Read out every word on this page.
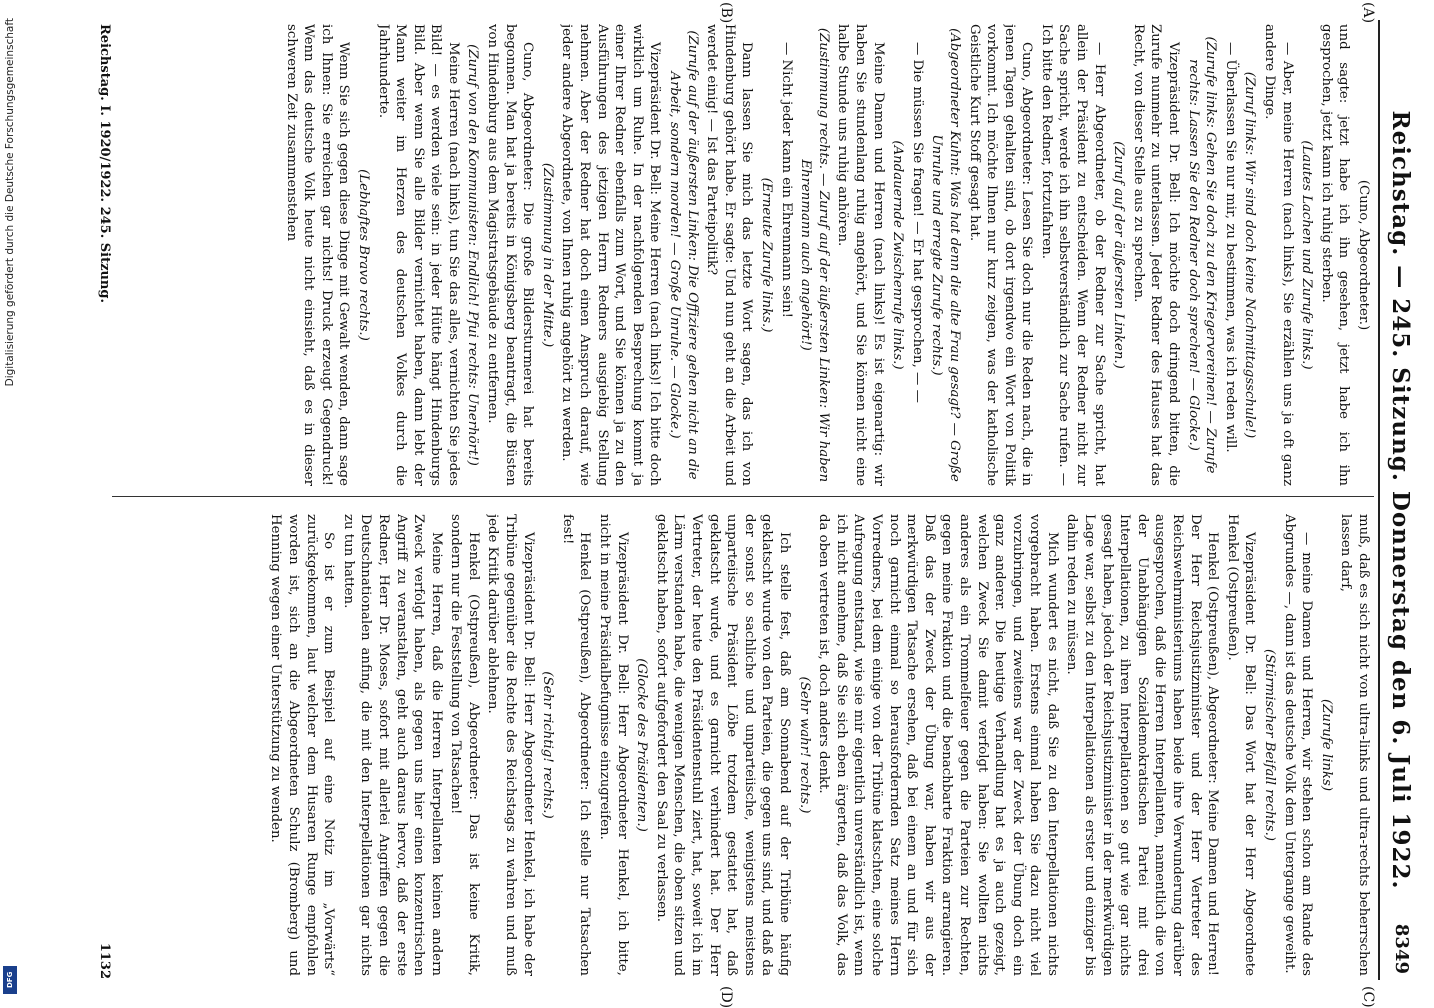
Digitalisierung gefördert durch die Deutsche Forschungsgemeinschaft
DFG
Reichstag. — 245. Sitzung. Donnerstag den 6. Juli 1922.
8349
(A)
(B)
(C)
(D)

(Cuno, Abgeordneter.)

und sagte: jetzt habe ich ihn gesehen, jetzt habe ich ihn gesprochen, jetzt kann ich ruhig sterben.

(Lautes Lachen und Zurufe links.)

— Aber, meine Herren (nach links), Sie erzählen uns ja oft ganz andere Dinge.

(Zuruf links: Wir sind doch keine Nachmittagsschule!)

— Überlassen Sie nur mir, zu bestimmen, was ich reden will.

(Zurufe links: Gehen Sie doch zu den Kriegervereinen! — Zurufe rechts: Lassen Sie den Redner doch sprechen! — Glocke.)

Vizepräsident Dr. Bell: Ich möchte doch dringend bitten, die Zurufe nunmehr zu unterlassen. Jeder Redner des Hauses hat das Recht, von dieser Stelle aus zu sprechen.

(Zuruf auf der äußersten Linken.)

— Herr Abgeordneter, ob der Redner zur Sache spricht, hat allein der Präsident zu entscheiden. Wenn der Redner nicht zur Sache spricht, werde ich ihn selbstverständlich zur Sache rufen. — Ich bitte den Redner, fortzufahren.

Cuno, Abgeordneter: Lesen Sie doch nur die Reden nach, die in jenen Tagen gehalten sind, ob dort irgendwo ein Wort von Politik vorkommt. Ich möchte Ihnen nur kurz zeigen, was der katholische Geistliche Kurt Stoff gesagt hat.

(Abgeordneter Kuhnt: Was hat denn die alte Frau gesagt? — Große Unruhe und erregte Zurufe rechts.)

— Die müssen Sie fragen! — Er hat gesprochen, — —

(Andauernde Zwischenrufe links.)

Meine Damen und Herren (nach links)! Es ist eigenartig: wir haben Sie stundenlang ruhig angehört, und Sie können nicht eine halbe Stunde uns ruhig anhören.

(Zustimmung rechts. — Zuruf auf der äußersten Linken: Wir haben Ehrenmann auch angehört!)

— Nicht jeder kann ein Ehrenmann sein!

(Erneute Zurufe links.)

Dann lassen Sie mich das letzte Wort sagen, das ich von Hindenburg gehört habe. Er sagte: Und nun geht an die Arbeit und werdet einig! — Ist das Parteipolitik?

(Zurufe auf der äußersten Linken: Die Offiziere gehen nicht an die Arbeit, sondern morden! — Große Unruhe. — Glocke.)

Vizepräsident Dr. Bell: Meine Herren (nach links)! Ich bitte doch wirklich um Ruhe. In der nachfolgenden Besprechung kommt ja einer Ihrer Redner ebenfalls zum Wort, und Sie können ja zu den Ausführungen des jetzigen Herrn Redners ausgiebig Stellung nehmen. Aber der Redner hat doch einen Anspruch darauf, wie jeder andere Abgeordnete, von Ihnen ruhig angehört zu werden.

(Zustimmung in der Mitte.)

Cuno, Abgeordneter: Die große Bildersturmerei hat bereits begonnen. Man hat ja bereits in Königsberg beantragt, die Büsten von Hindenburg aus dem Magistratsgebäude zu entfernen.

(Zuruf von den Kommunisten: Endlich! Pfui rechts: Unerhört!)

Meine Herren (nach links), tun Sie das alles, vernichten Sie jedes Bild! — es werden viele sein: in jeder Hütte hängt Hindenburgs Bild. Aber wenn Sie alle Bilder vernichtet haben, dann lebt der Mann weiter im Herzen des deutschen Volkes durch die Jahrhunderte.

(Lebhaftes Bravo rechts.)

Wenn Sie sich gegen diese Dinge mit Gewalt wenden, dann sage ich Ihnen: Sie erreichen gar nichts! Druck erzeugt Gegendruck! Wenn das deutsche Volk heute nicht einsieht, daß es in dieser schweren Zeit zusammenstehen

muß, daß es sich nicht von ultra-links und ultra-rechts beherrschen lassen darf,

(Zurufe links)

— meine Damen und Herren, wir stehen schon am Rande des Abgrundes —, dann ist das deutsche Volk dem Untergange geweiht.

(Stürmischer Beifall rechts.)

Vizepräsident Dr. Bell: Das Wort hat der Herr Abgeordnete Henkel (Ostpreußen).

Henkel (Ostpreußen), Abgeordneter: Meine Damen und Herren! Der Herr Reichsjustizminister und der Herr Vertreter des Reichswehrministeriums haben beide ihre Verwunderung darüber ausgesprochen, daß die Herren Interpellanten, namentlich die von der Unabhängigen Sozialdemokratischen Partei mit drei Interpellationen, zu ihren Interpellationen so gut wie gar nichts gesagt haben, jedoch der Reichsjustizminister in der merkwürdigen Lage war, selbst zu den Interpellationen als erster und einziger bis dahin reden zu müssen.

Mich wundert es nicht, daß Sie zu den Interpellationen nichts vorgebracht haben. Erstens einmal haben Sie dazu nicht viel vorzubringen, und zweitens war der Zweck der Übung doch ein ganz anderer. Die heutige Verhandlung hat es ja auch gezeigt, welchen Zweck Sie damit verfolgt haben: Sie wollten nichts anderes als ein Trommelfeuer gegen die Parteien zur Rechten, gegen meine Fraktion und die benachbarte Fraktion arrangieren. Daß das der Zweck der Übung war, haben wir aus der merkwürdigen Tatsache ersehen, daß bei einem an und für sich noch garnicht einmal so herausfordernden Satz meines Herrn Vorredners, bei dem einige von der Tribüne klatschten, eine solche Aufregung entstand, wie sie mir eigentlich unverständlich ist, wenn ich nicht annehme, daß Sie sich eben ärgerten, daß das Volk, das da oben vertreten ist, doch anders denkt.

(Sehr wahr! rechts.)

Ich stelle fest, daß am Sonnabend auf der Tribüne häufig geklatscht wurde von den Parteien, die gegen uns sind, und daß da der sonst so sachliche und unparteiische, wenigstens meistens unparteiische Präsident Löbe trotzdem gestattet hat, daß geklatscht wurde, und es garnicht verhindert hat. Der Herr Vertreter, der heute den Präsidentenstuhl ziert, hat, soweit ich im Lärm verstanden habe, die wenigen Menschen, die oben sitzen und geklatscht haben, sofort aufgefordert den Saal zu verlassen.

(Glocke des Präsidenten.)

Vizepräsident Dr. Bell: Herr Abgeordneter Henkel, ich bitte, nicht in meine Präsidialbefugnisse einzugreifen.

Henkel (Ostpreußen), Abgeordneter: Ich stelle nur Tatsachen fest!

(Sehr richtig! rechts.)

Vizepräsident Dr. Bell: Herr Abgeordneter Henkel, ich habe der Tribüne gegenüber die Rechte des Reichstags zu wahren und muß jede Kritik darüber ablehnen.

Henkel (Ostpreußen), Abgeordneter: Das ist keine Kritik, sondern nur die Feststellung von Tatsachen!

Meine Herren, daß die Herren Interpellanten keinen andern Zweck verfolgt haben, als gegen uns hier einen konzentrischen Angriff zu veranstalten, geht auch daraus hervor, daß der erste Redner, Herr Dr. Moses, sofort mit allerlei Angriffen gegen die Deutschnationalen anfing, die mit den Interpellationen gar nichts zu tun hatten.

So ist er zum Beispiel auf eine Notiz im „Vorwärts“ zurückgekommen, laut welcher dem Husaren Runge empfohlen worden ist, sich an die Abgeordneten Schulz (Bromberg) und Henning wegen einer Unterstützung zu wenden.

Reichstag. I. 1920/1922. 245. Sitzung.
1132
